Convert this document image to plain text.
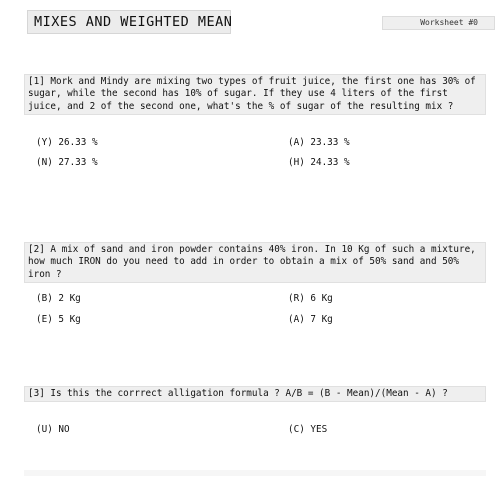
MIXES AND WEIGHTED MEAN	Worksheet #0

[1] Mork and Mindy are mixing two types of fruit juice, the first one has 30% of sugar, while the second has 10% of sugar. If they use 4 liters of the first juice, and 2 of the second one, what's the % of sugar of the resulting mix ?

(Y) 26.33 %	(A) 23.33 %
(N) 27.33 %	(H) 24.33 %

[2] A mix of sand and iron powder contains 40% iron. In 10 Kg of such a mixture, how much IRON do you need to add in order to obtain a mix of 50% sand and 50% iron ?

(B) 2 Kg	(R) 6 Kg
(E) 5 Kg	(A) 7 Kg

[3] Is this the corrrect alligation formula ? A/B = (B - Mean)/(Mean - A) ?

(U) NO	(C) YES
